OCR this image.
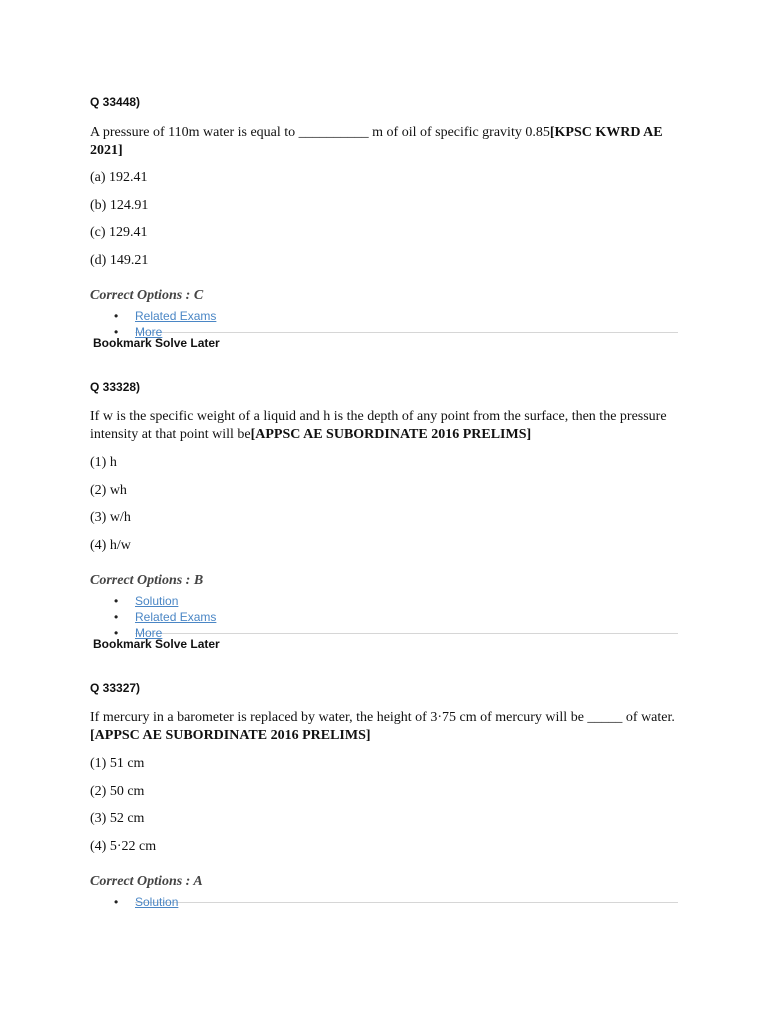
Q 33448)

A pressure of 110m water is equal to __________ m of oil of specific gravity 0.85[KPSC KWRD AE 2021]

(a) 192.41

(b) 124.91

(c) 129.41

(d) 149.21

Correct Options : C

• Related Exams
• More

Bookmark Solve Later

Q 33328)

If w is the specific weight of a liquid and h is the depth of any point from the surface, then the pressure intensity at that point will be[APPSC AE SUBORDINATE 2016 PRELIMS]

(1) h

(2) wh

(3) w/h

(4) h/w

Correct Options : B

• Solution
• Related Exams
• More

Bookmark Solve Later

Q 33327)

If mercury in a barometer is replaced by water, the height of 3·75 cm of mercury will be _____ of water. [APPSC AE SUBORDINATE 2016 PRELIMS]

(1) 51 cm

(2) 50 cm

(3) 52 cm

(4) 5·22 cm

Correct Options : A

• Solution
